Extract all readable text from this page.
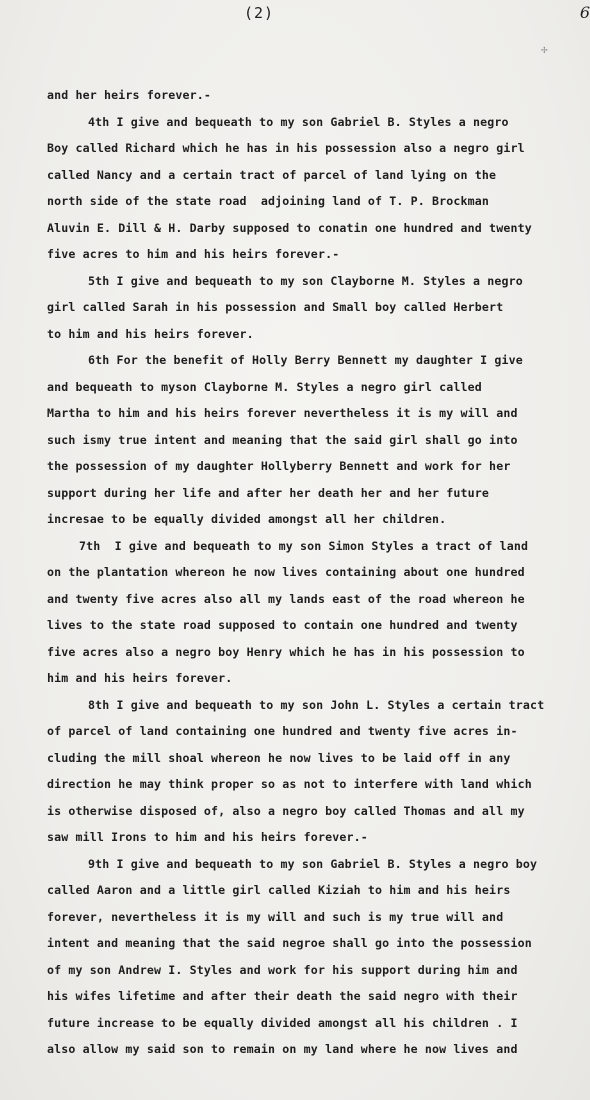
(2)	6
✢
and her heirs forever.-
4th I give and bequeath to my son Gabriel B. Styles a negro
Boy called Richard which he has in his possession also a negro girl
called Nancy and a certain tract of parcel of land lying on the
north side of the state road  adjoining land of T. P. Brockman
Aluvin E. Dill & H. Darby supposed to conatin one hundred and twenty
five acres to him and his heirs forever.-
5th I give and bequeath to my son Clayborne M. Styles a negro
girl called Sarah in his possession and Small boy called Herbert
to him and his heirs forever.
6th For the benefit of Holly Berry Bennett my daughter I give
and bequeath to myson Clayborne M. Styles a negro girl called
Martha to him and his heirs forever nevertheless it is my will and
such ismy true intent and meaning that the said girl shall go into
the possession of my daughter Hollyberry Bennett and work for her
support during her life and after her death her and her future
incresae to be equally divided amongst all her children.
7th  I give and bequeath to my son Simon Styles a tract of land
on the plantation whereon he now lives containing about one hundred
and twenty five acres also all my lands east of the road whereon he
lives to the state road supposed to contain one hundred and twenty
five acres also a negro boy Henry which he has in his possession to
him and his heirs forever.
8th I give and bequeath to my son John L. Styles a certain tract
of parcel of land containing one hundred and twenty five acres in-
cluding the mill shoal whereon he now lives to be laid off in any
direction he may think proper so as not to interfere with land which
is otherwise disposed of, also a negro boy called Thomas and all my
saw mill Irons to him and his heirs forever.-
9th I give and bequeath to my son Gabriel B. Styles a negro boy
called Aaron and a little girl called Kiziah to him and his heirs
forever, nevertheless it is my will and such is my true will and
intent and meaning that the said negroe shall go into the possession
of my son Andrew I. Styles and work for his support during him and
his wifes lifetime and after their death the said negro with their
future increase to be equally divided amongst all his children . I
also allow my said son to remain on my land where he now lives and
